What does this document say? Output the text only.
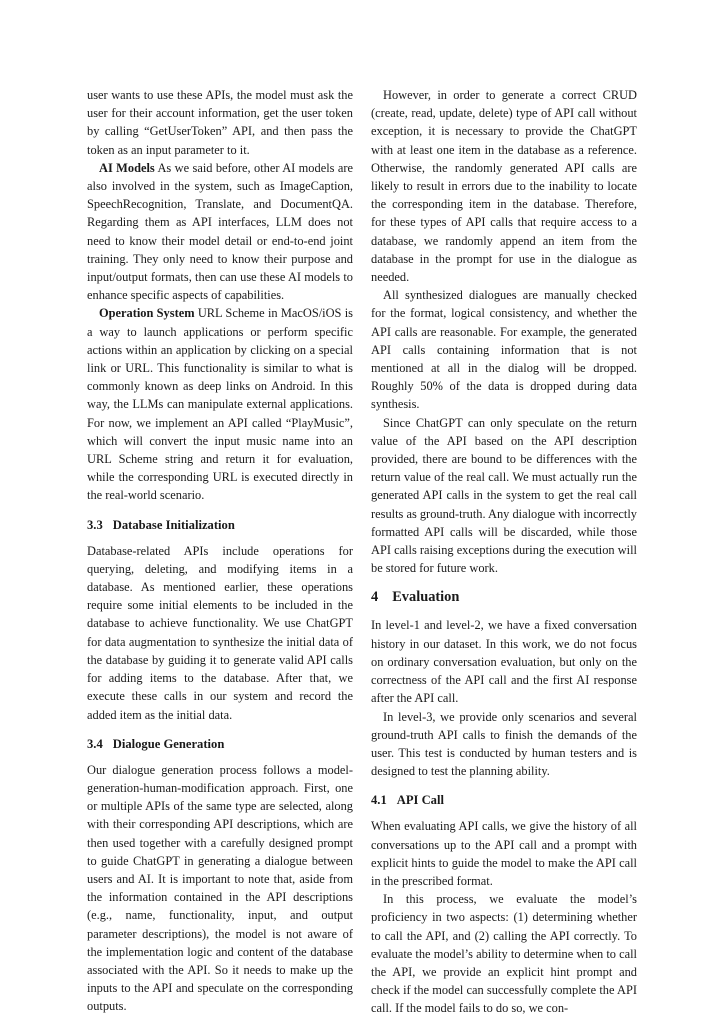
user wants to use these APIs, the model must ask the user for their account information, get the user token by calling “GetUserToken” API, and then pass the token as an input parameter to it.

AI Models As we said before, other AI models are also involved in the system, such as ImageCaption, SpeechRecognition, Translate, and DocumentQA. Regarding them as API interfaces, LLM does not need to know their model detail or end-to-end joint training. They only need to know their purpose and input/output formats, then can use these AI models to enhance specific aspects of capabilities.

Operation System URL Scheme in MacOS/iOS is a way to launch applications or perform specific actions within an application by clicking on a special link or URL. This functionality is similar to what is commonly known as deep links on Android. In this way, the LLMs can manipulate external applications. For now, we implement an API called “PlayMusic”, which will convert the input music name into an URL Scheme string and return it for evaluation, while the corresponding URL is executed directly in the real-world scenario.

3.3 Database Initialization

Database-related APIs include operations for querying, deleting, and modifying items in a database. As mentioned earlier, these operations require some initial elements to be included in the database to achieve functionality. We use ChatGPT for data augmentation to synthesize the initial data of the database by guiding it to generate valid API calls for adding items to the database. After that, we execute these calls in our system and record the added item as the initial data.

3.4 Dialogue Generation

Our dialogue generation process follows a model-generation-human-modification approach. First, one or multiple APIs of the same type are selected, along with their corresponding API descriptions, which are then used together with a carefully designed prompt to guide ChatGPT in generating a dialogue between users and AI. It is important to note that, aside from the information contained in the API descriptions (e.g., name, functionality, input, and output parameter descriptions), the model is not aware of the implementation logic and content of the database associated with the API. So it needs to make up the inputs to the API and speculate on the corresponding outputs.

However, in order to generate a correct CRUD (create, read, update, delete) type of API call without exception, it is necessary to provide the ChatGPT with at least one item in the database as a reference. Otherwise, the randomly generated API calls are likely to result in errors due to the inability to locate the corresponding item in the database. Therefore, for these types of API calls that require access to a database, we randomly append an item from the database in the prompt for use in the dialogue as needed.

All synthesized dialogues are manually checked for the format, logical consistency, and whether the API calls are reasonable. For example, the generated API calls containing information that is not mentioned at all in the dialog will be dropped. Roughly 50% of the data is dropped during data synthesis.

Since ChatGPT can only speculate on the return value of the API based on the API description provided, there are bound to be differences with the return value of the real call. We must actually run the generated API calls in the system to get the real call results as ground-truth. Any dialogue with incorrectly formatted API calls will be discarded, while those API calls raising exceptions during the execution will be stored for future work.

4 Evaluation

In level-1 and level-2, we have a fixed conversation history in our dataset. In this work, we do not focus on ordinary conversation evaluation, but only on the correctness of the API call and the first AI response after the API call.

In level-3, we provide only scenarios and several ground-truth API calls to finish the demands of the user. This test is conducted by human testers and is designed to test the planning ability.

4.1 API Call

When evaluating API calls, we give the history of all conversations up to the API call and a prompt with explicit hints to guide the model to make the API call in the prescribed format.

In this process, we evaluate the model’s proficiency in two aspects: (1) determining whether to call the API, and (2) calling the API correctly. To evaluate the model’s ability to determine when to call the API, we provide an explicit hint prompt and check if the model can successfully complete the API call. If the model fails to do so, we con-
